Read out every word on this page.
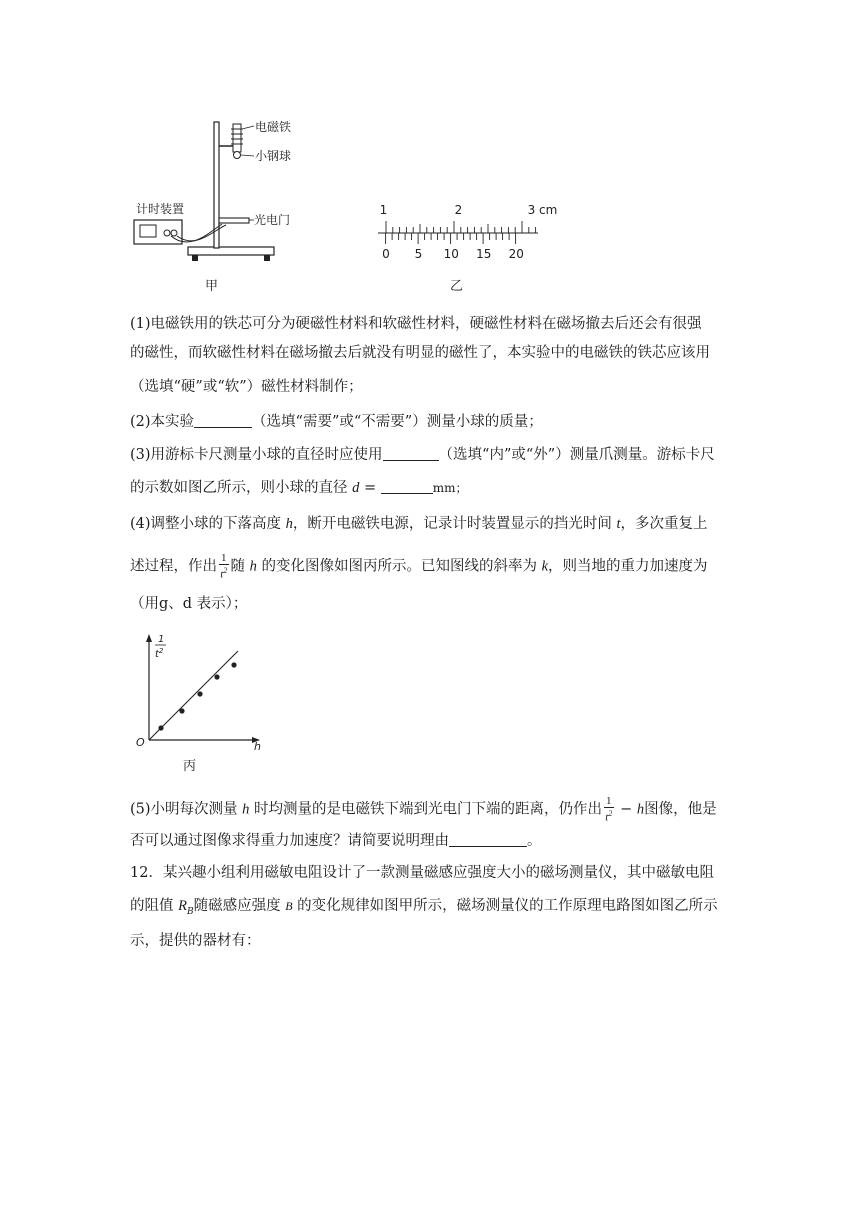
电磁铁
小钢球
计时装置
光电门
甲
1	2	3 cm
0 5 10 15 20
乙
(1)电磁铁用的铁芯可分为硬磁性材料和软磁性材料，硬磁性材料在磁场撤去后还会有很强
的磁性，而软磁性材料在磁场撤去后就没有明显的磁性了，本实验中的电磁铁的铁芯应该用
（选填“硬”或“软”）磁性材料制作；
(2)本实验	（选填“需要”或“不需要”）测量小球的质量；
(3)用游标卡尺测量小球的直径时应使用	（选填“内”或“外”）测量爪测量。游标卡尺
的示数如图乙所示，则小球的直径 d =	mm；
(4)调整小球的下落高度 h，断开电磁铁电源，记录计时装置显示的挡光时间 t，多次重复上
述过程，作出 $\frac{1}{t^2}$ 随 h 的变化图像如图丙所示。已知图线的斜率为 k，则当地的重力加速度为
（用g、d 表示）；
1
$t^2$
O	h
丙
(5)小明每次测量 h 时均测量的是电磁铁下端到光电门下端的距离，仍作出 $\frac{1}{t^2} - h$图像，他是
否可以通过图像求得重力加速度？请简要说明理由	。
12．某兴趣小组利用磁敏电阻设计了一款测量磁感应强度大小的磁场测量仪，其中磁敏电阻
的阻值 $R_B$随磁感应强度 B 的变化规律如图甲所示，磁场测量仪的工作原理电路图如图乙所示
示，提供的器材有：
